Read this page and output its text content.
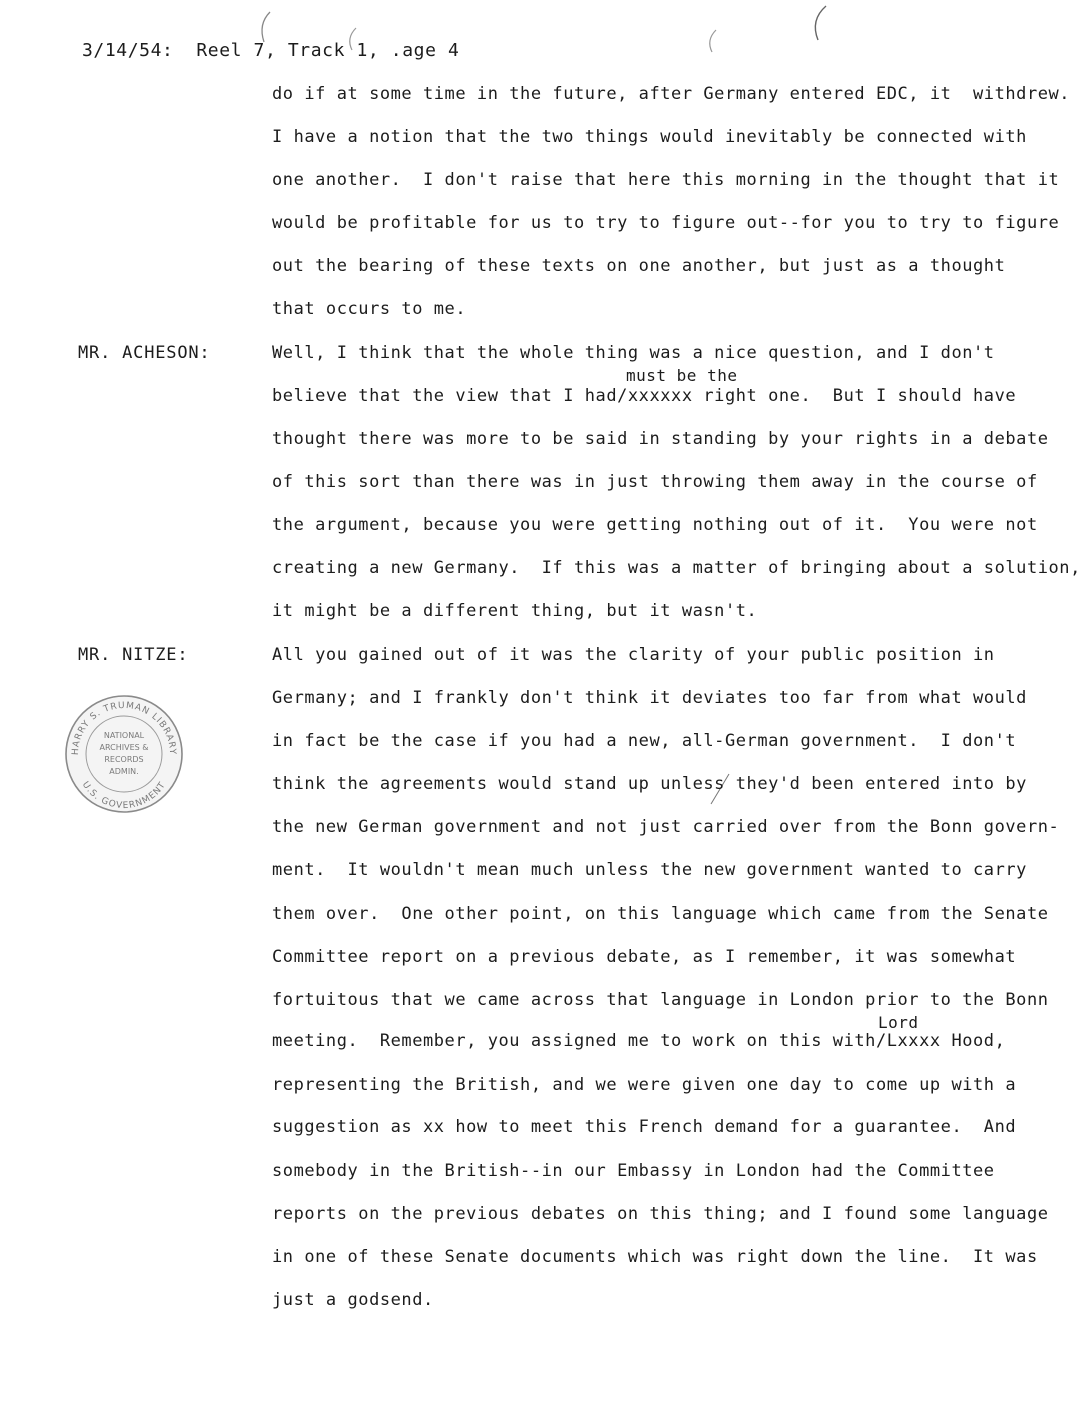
3/14/54:  Reel 7, Track 1, .age 4
MR. ACHESON:
MR. NITZE:
must be the
Lord
do if at some time in the future, after Germany entered EDC, it  withdrew.
I have a notion that the two things would inevitably be connected with
one another.  I don't raise that here this morning in the thought that it
would be profitable for us to try to figure out--for you to try to figure
out the bearing of these texts on one another, but just as a thought
that occurs to me.
Well, I think that the whole thing was a nice question, and I don't
believe that the view that I had/xxxxxx right one.  But I should have
thought there was more to be said in standing by your rights in a debate
of this sort than there was in just throwing them away in the course of
the argument, because you were getting nothing out of it.  You were not
creating a new Germany.  If this was a matter of bringing about a solution,
it might be a different thing, but it wasn't.
All you gained out of it was the clarity of your public position in
Germany; and I frankly don't think it deviates too far from what would
in fact be the case if you had a new, all-German government.  I don't
think the agreements would stand up unless they'd been entered into by
the new German government and not just carried over from the Bonn govern-
ment.  It wouldn't mean much unless the new government wanted to carry
them over.  One other point, on this language which came from the Senate
Committee report on a previous debate, as I remember, it was somewhat
fortuitous that we came across that language in London prior to the Bonn
meeting.  Remember, you assigned me to work on this with/Lxxxx Hood,
representing the British, and we were given one day to come up with a
suggestion as xx how to meet this French demand for a guarantee.  And
somebody in the British--in our Embassy in London had the Committee
reports on the previous debates on this thing; and I found some language
in one of these Senate documents which was right down the line.  It was
just a godsend.
HARRY S. TRUMAN LIBRARY
U.S. GOVERNMENT
NATIONAL
ARCHIVES &
RECORDS
ADMIN.
